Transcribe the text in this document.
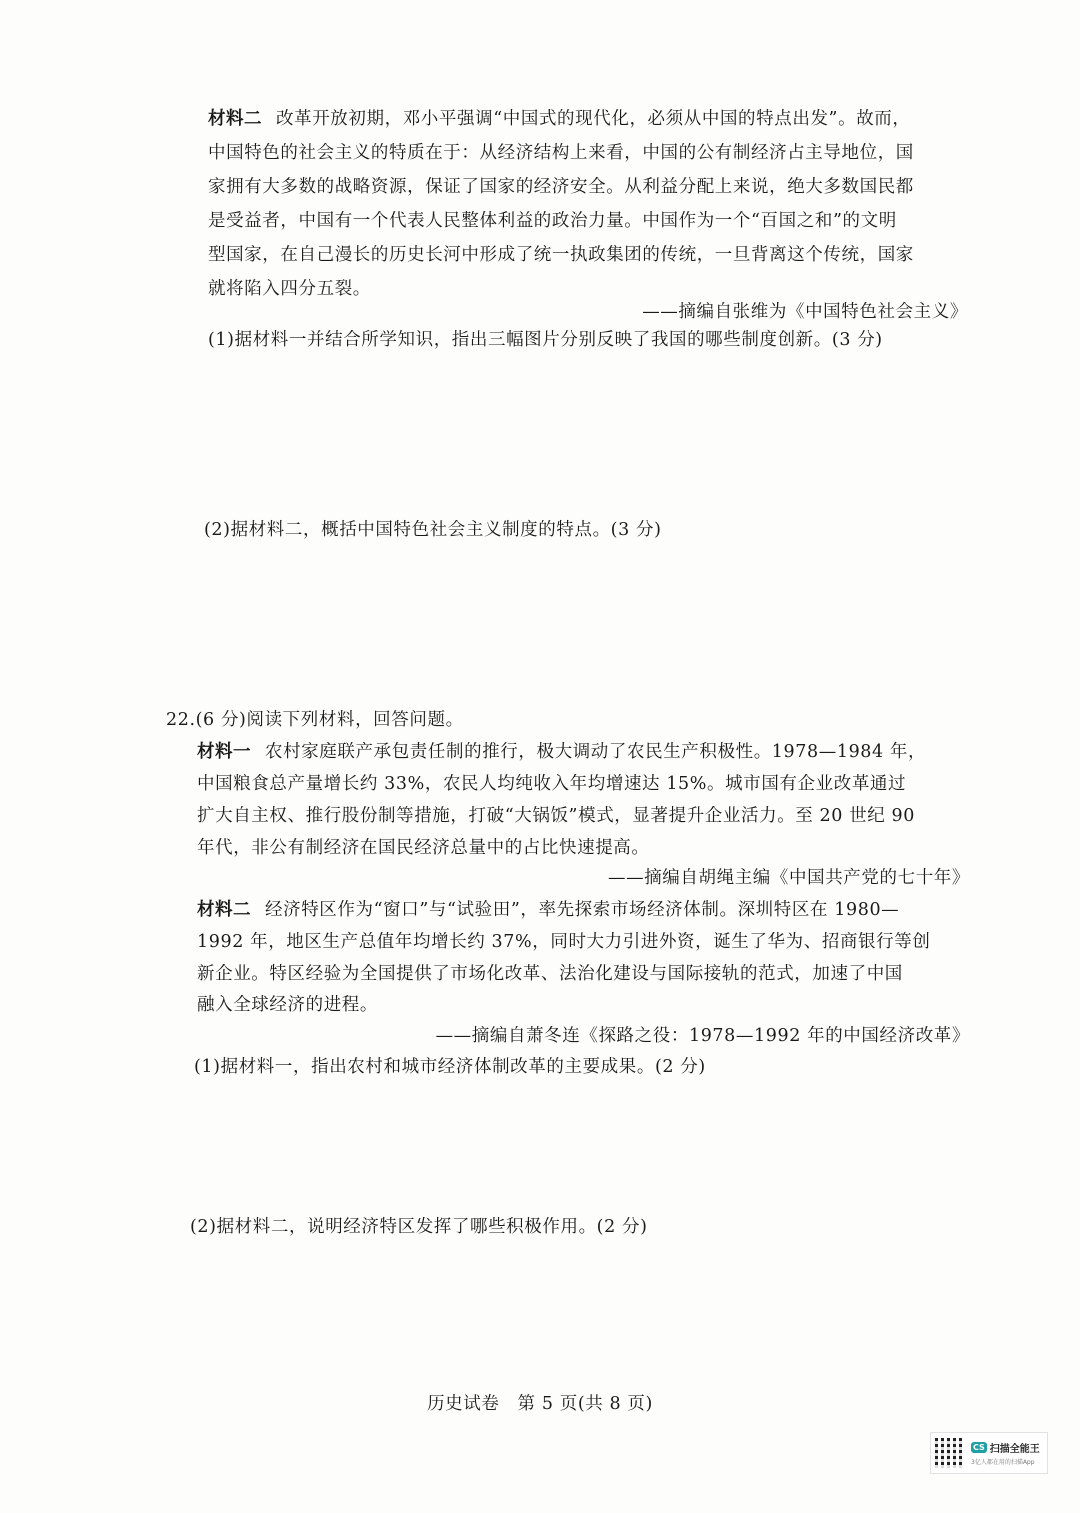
材料二 改革开放初期，邓小平强调“中国式的现代化，必须从中国的特点出发”。故而，
中国特色的社会主义的特质在于：从经济结构上来看，中国的公有制经济占主导地位，国
家拥有大多数的战略资源，保证了国家的经济安全。从利益分配上来说，绝大多数国民都
是受益者，中国有一个代表人民整体利益的政治力量。中国作为一个“百国之和”的文明
型国家，在自己漫长的历史长河中形成了统一执政集团的传统，一旦背离这个传统，国家
就将陷入四分五裂。
——摘编自张维为《中国特色社会主义》
(1)据材料一并结合所学知识，指出三幅图片分别反映了我国的哪些制度创新。(3 分)
(2)据材料二，概括中国特色社会主义制度的特点。(3 分)
22.(6 分)阅读下列材料，回答问题。
材料一 农村家庭联产承包责任制的推行，极大调动了农民生产积极性。1978—1984 年，
中国粮食总产量增长约 33%，农民人均纯收入年均增速达 15%。城市国有企业改革通过
扩大自主权、推行股份制等措施，打破“大锅饭”模式，显著提升企业活力。至 20 世纪 90
年代，非公有制经济在国民经济总量中的占比快速提高。
——摘编自胡绳主编《中国共产党的七十年》
材料二 经济特区作为“窗口”与“试验田”，率先探索市场经济体制。深圳特区在 1980—
1992 年，地区生产总值年均增长约 37%，同时大力引进外资，诞生了华为、招商银行等创
新企业。特区经验为全国提供了市场化改革、法治化建设与国际接轨的范式，加速了中国
融入全球经济的进程。
——摘编自萧冬连《探路之役：1978—1992 年的中国经济改革》
(1)据材料一，指出农村和城市经济体制改革的主要成果。(2 分)
(2)据材料二，说明经济特区发挥了哪些积极作用。(2 分)
历史试卷　第 5 页(共 8 页)
CS 扫描全能王
3亿人都在用的扫描App
